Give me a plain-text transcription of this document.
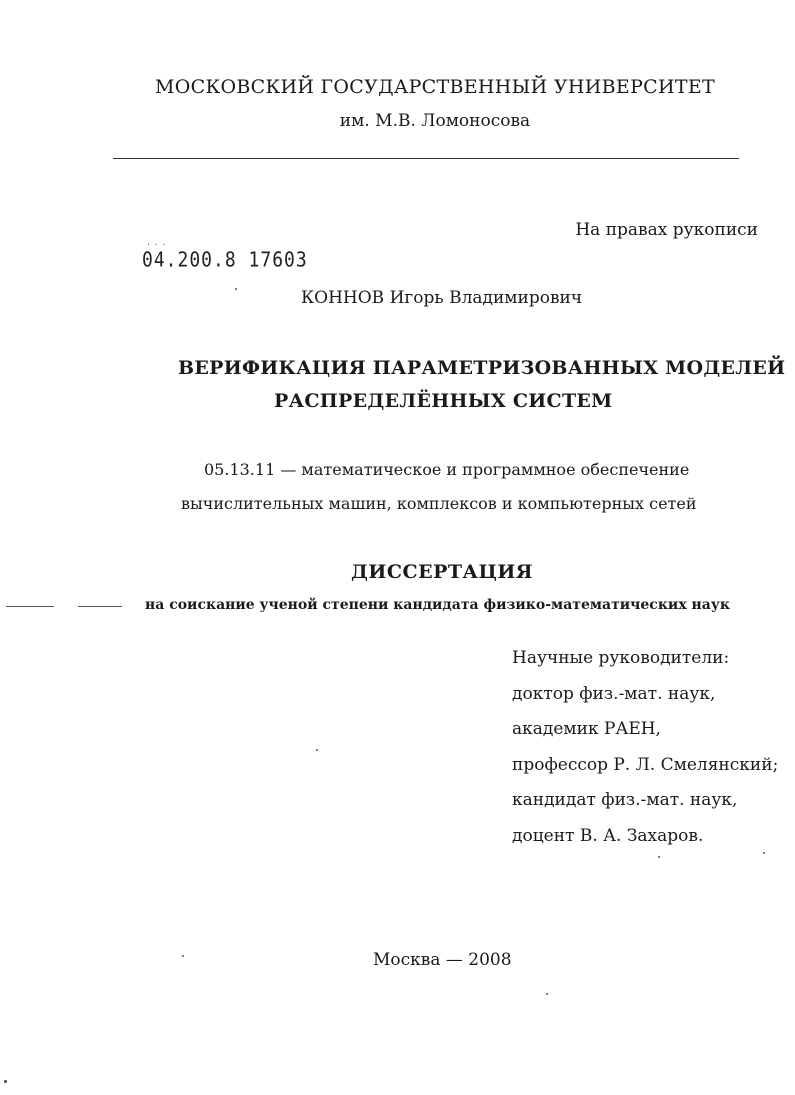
МОСКОВСКИЙ ГОСУДАРСТВЕННЫЙ УНИВЕРСИТЕТ
им. М.В. Ломоносова
На правах рукописи
. . .
04.200.8 17603
КОННОВ Игорь Владимирович
ВЕРИФИКАЦИЯ ПАРАМЕТРИЗОВАННЫХ МОДЕЛЕЙ
РАСПРЕДЕЛЁННЫХ СИСТЕМ
05.13.11 — математическое и программное обеспечение
вычислительных машин, комплексов и компьютерных сетей
ДИССЕРТАЦИЯ
на соискание ученой степени кандидата физико-математических наук
Научные руководители:
доктор физ.-мат. наук,
академик РАЕН,
профессор Р. Л. Смелянский;
кандидат физ.-мат. наук,
доцент В. А. Захаров.
Москва — 2008
